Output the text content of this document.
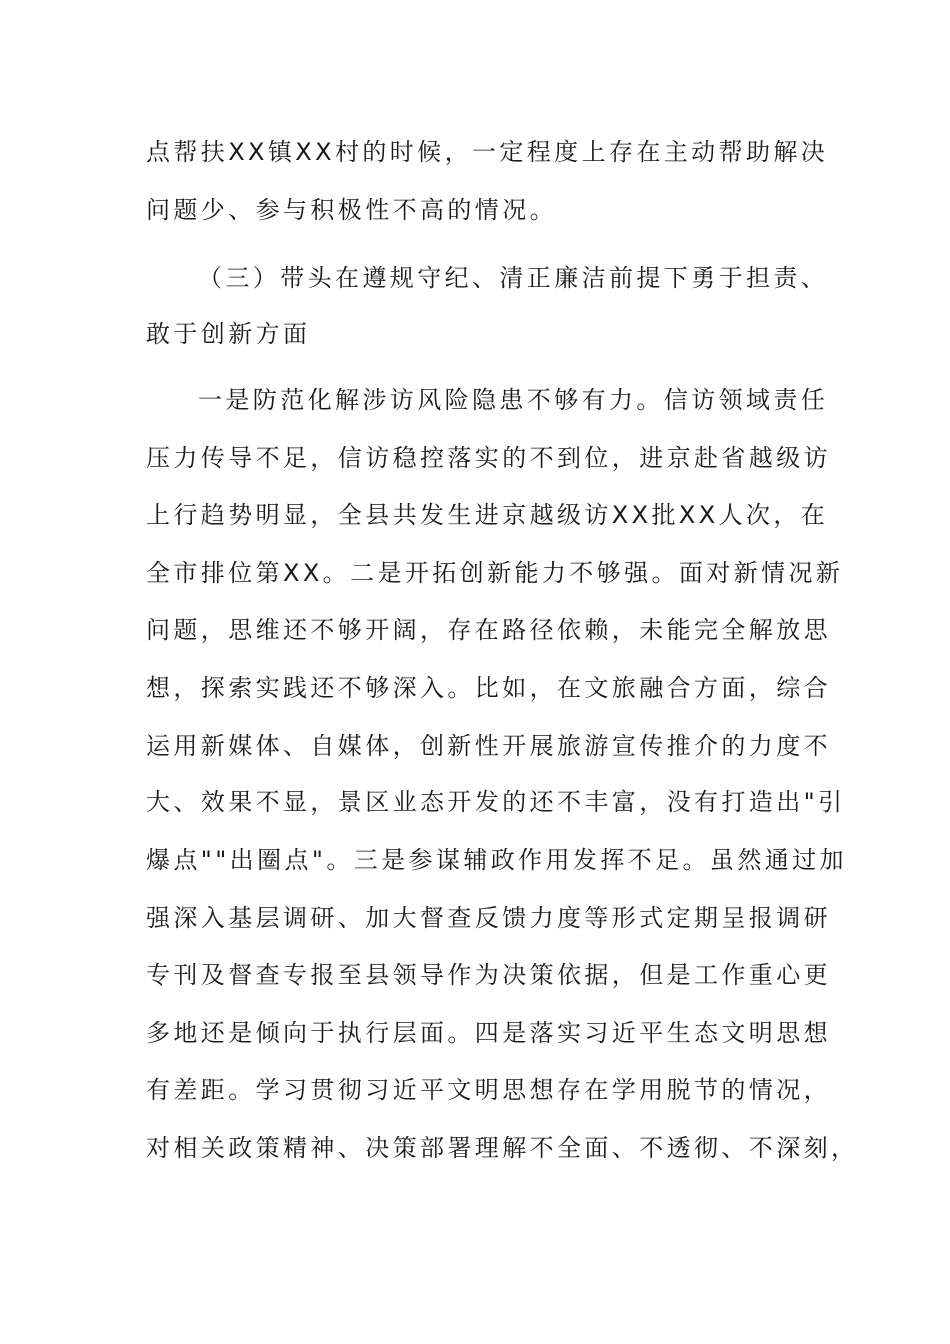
点帮扶XX镇XX村的时候，一定程度上存在主动帮助解决
问题少、参与积极性不高的情况。
（三）带头在遵规守纪、清正廉洁前提下勇于担责、
敢于创新方面
一是防范化解涉访风险隐患不够有力。信访领域责任
压力传导不足，信访稳控落实的不到位，进京赴省越级访
上行趋势明显，全县共发生进京越级访XX批XX人次，在
全市排位第XX。二是开拓创新能力不够强。面对新情况新
问题，思维还不够开阔，存在路径依赖，未能完全解放思
想，探索实践还不够深入。比如，在文旅融合方面，综合
运用新媒体、自媒体，创新性开展旅游宣传推介的力度不
大、效果不显，景区业态开发的还不丰富，没有打造出"引
爆点""出圈点"。三是参谋辅政作用发挥不足。虽然通过加
强深入基层调研、加大督查反馈力度等形式定期呈报调研
专刊及督查专报至县领导作为决策依据，但是工作重心更
多地还是倾向于执行层面。四是落实习近平生态文明思想
有差距。学习贯彻习近平文明思想存在学用脱节的情况，
对相关政策精神、决策部署理解不全面、不透彻、不深刻，
